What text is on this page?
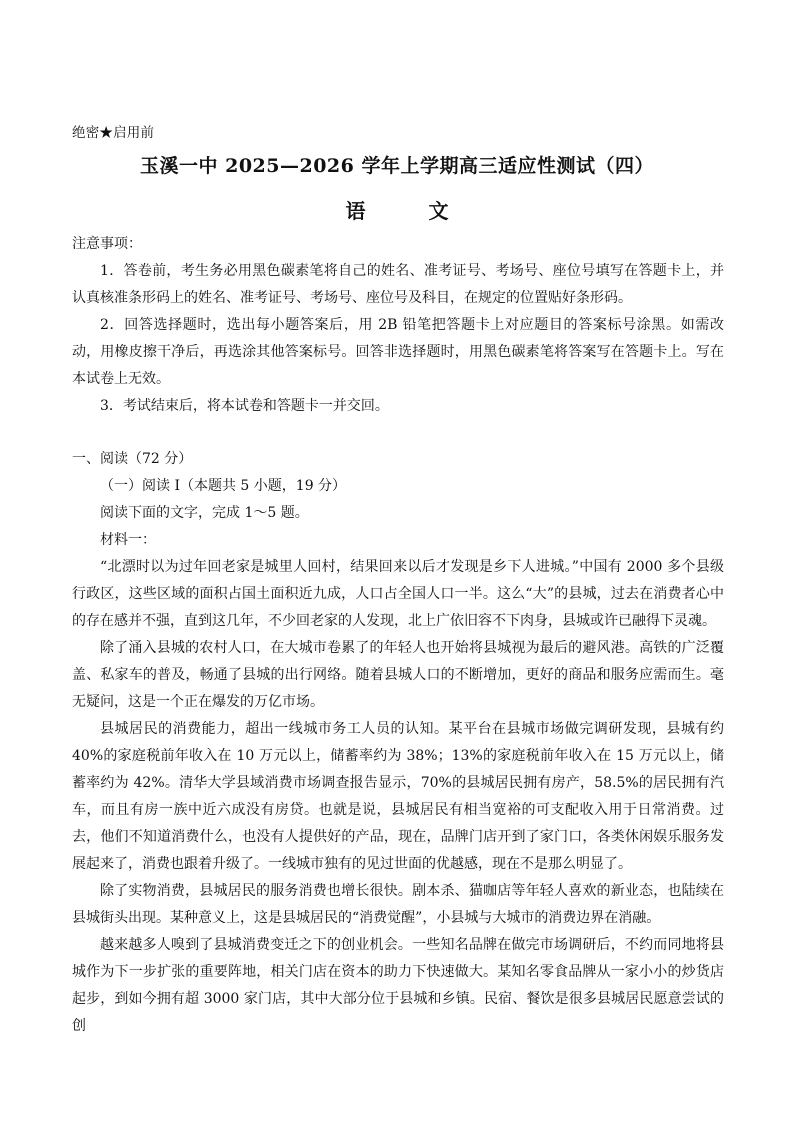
绝密★启用前
玉溪一中 2025—2026 学年上学期高三适应性测试（四）
语 文

注意事项：

1．答卷前，考生务必用黑色碳素笔将自己的姓名、准考证号、考场号、座位号填写在答题卡上，并认真核准条形码上的姓名、准考证号、考场号、座位号及科目，在规定的位置贴好条形码。

2．回答选择题时，选出每小题答案后，用 2B 铅笔把答题卡上对应题目的答案标号涂黑。如需改动，用橡皮擦干净后，再选涂其他答案标号。回答非选择题时，用黑色碳素笔将答案写在答题卡上。写在本试卷上无效。

3．考试结束后，将本试卷和答题卡一并交回。

一、阅读（72 分）

（一）阅读 I（本题共 5 小题，19 分）

阅读下面的文字，完成 1～5 题。

材料一：

“北漂时以为过年回老家是城里人回村，结果回来以后才发现是乡下人进城。”中国有 2000 多个县级行政区，这些区域的面积占国土面积近九成，人口占全国人口一半。这么“大”的县城，过去在消费者心中的存在感并不强，直到这几年，不少回老家的人发现，北上广依旧容不下肉身，县城或许已融得下灵魂。

除了涌入县城的农村人口，在大城市卷累了的年轻人也开始将县城视为最后的避风港。高铁的广泛覆盖、私家车的普及，畅通了县城的出行网络。随着县城人口的不断增加，更好的商品和服务应需而生。毫无疑问，这是一个正在爆发的万亿市场。

县城居民的消费能力，超出一线城市务工人员的认知。某平台在县城市场做完调研发现，县城有约 40%的家庭税前年收入在 10 万元以上，储蓄率约为 38%；13%的家庭税前年收入在 15 万元以上，储蓄率约为 42%。清华大学县域消费市场调查报告显示，70%的县城居民拥有房产，58.5%的居民拥有汽车，而且有房一族中近六成没有房贷。也就是说，县城居民有相当宽裕的可支配收入用于日常消费。过去，他们不知道消费什么，也没有人提供好的产品，现在，品牌门店开到了家门口，各类休闲娱乐服务发展起来了，消费也跟着升级了。一线城市独有的见过世面的优越感，现在不是那么明显了。

除了实物消费，县城居民的服务消费也增长很快。剧本杀、猫咖店等年轻人喜欢的新业态，也陆续在县城街头出现。某种意义上，这是县城居民的“消费觉醒”，小县城与大城市的消费边界在消融。

越来越多人嗅到了县城消费变迁之下的创业机会。一些知名品牌在做完市场调研后，不约而同地将县城作为下一步扩张的重要阵地，相关门店在资本的助力下快速做大。某知名零食品牌从一家小小的炒货店起步，到如今拥有超 3000 家门店，其中大部分位于县城和乡镇。民宿、餐饮是很多县城居民愿意尝试的创
